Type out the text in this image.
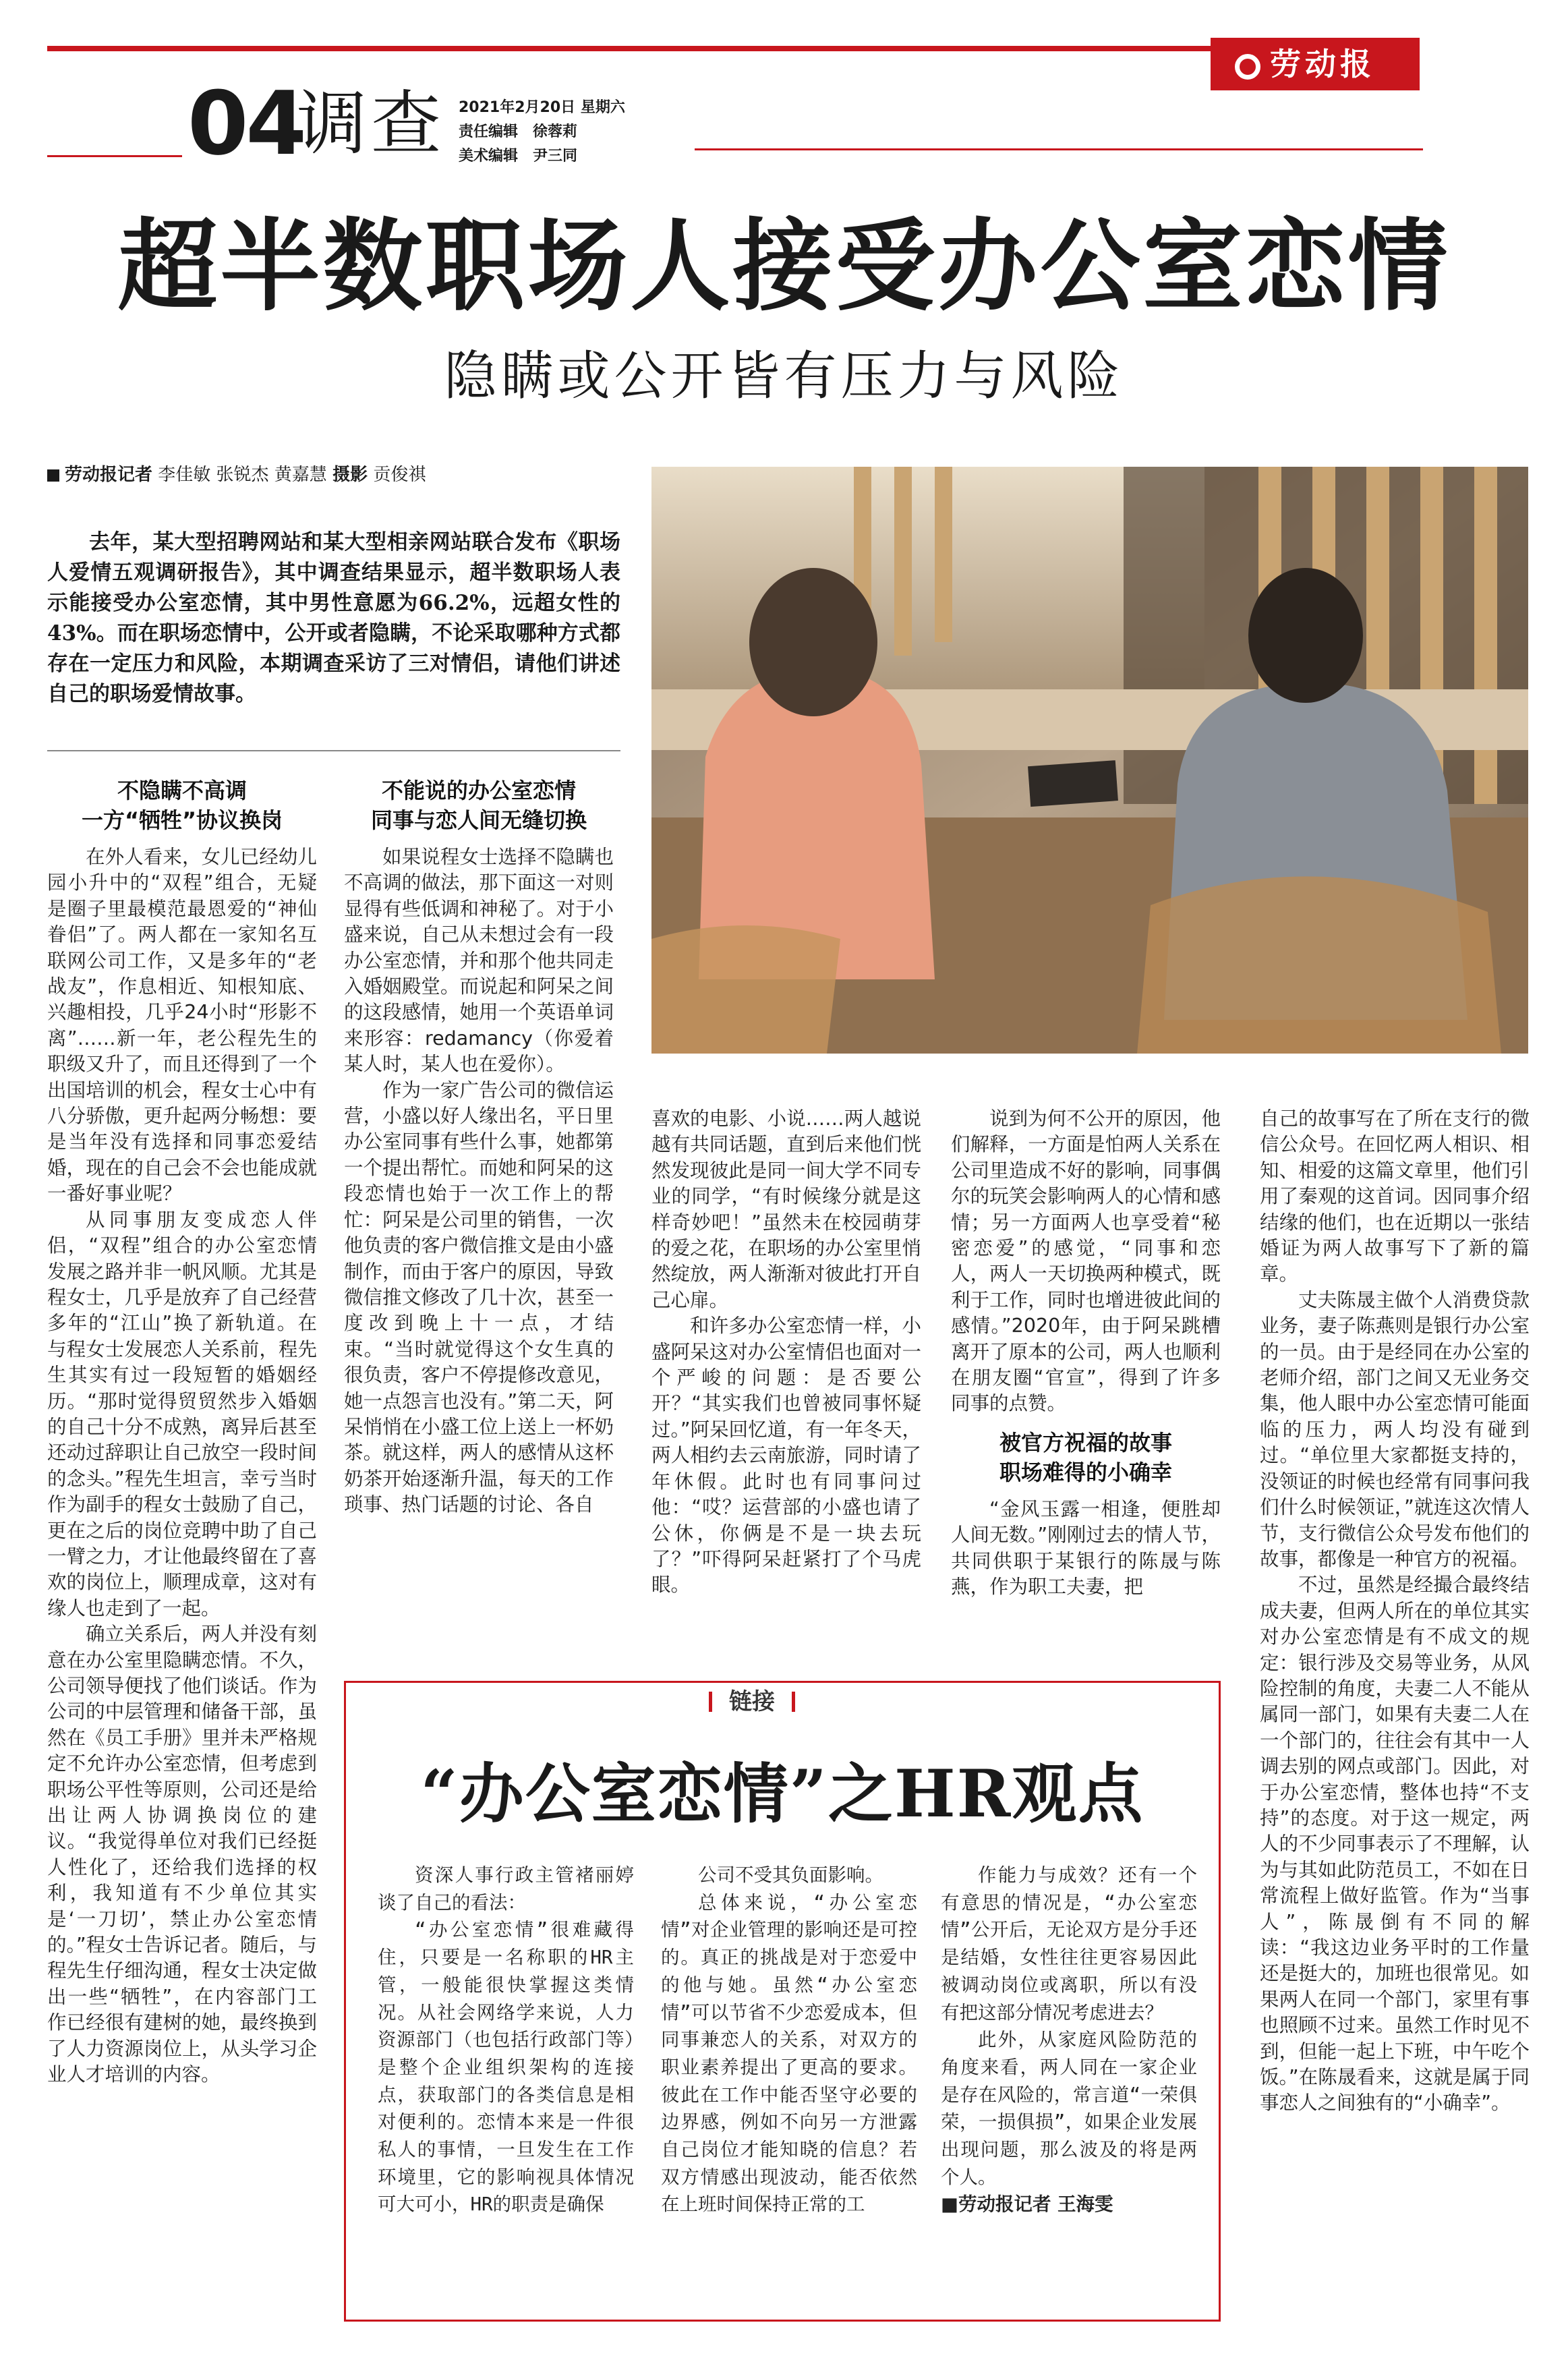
劳动报
04
调查 2021年2月20日 星期六
责任编辑　徐蓉莉
美术编辑　尹三同
超半数职场人接受办公室恋情
隐瞒或公开皆有压力与风险
劳动报记者 李佳敏 张锐杰 黄嘉慧 摄影 贡俊祺
去年，某大型招聘网站和某大型相亲网站联合发布《职场人爱情五观调研报告》，其中调查结果显示，超半数职场人表示能接受办公室恋情，其中男性意愿为66.2%，远超女性的43%。而在职场恋情中，公开或者隐瞒，不论采取哪种方式都存在一定压力和风险，本期调查采访了三对情侣，请他们讲述自己的职场爱情故事。
不隐瞒不高调
一方“牺牲”协议换岗

在外人看来，女儿已经幼儿园小升中的“双程”组合，无疑是圈子里最模范最恩爱的“神仙眷侣”了。两人都在一家知名互联网公司工作，又是多年的“老战友”，作息相近、知根知底、兴趣相投，几乎24小时“形影不离”……新一年，老公程先生的职级又升了，而且还得到了一个出国培训的机会，程女士心中有八分骄傲，更升起两分畅想：要是当年没有选择和同事恋爱结婚，现在的自己会不会也能成就一番好事业呢？

从同事朋友变成恋人伴侣，“双程”组合的办公室恋情发展之路并非一帆风顺。尤其是程女士，几乎是放弃了自己经营多年的“江山”换了新轨道。在与程女士发展恋人关系前，程先生其实有过一段短暂的婚姻经历。“那时觉得贸贸然步入婚姻的自己十分不成熟，离异后甚至还动过辞职让自己放空一段时间的念头。”程先生坦言，幸亏当时作为副手的程女士鼓励了自己，更在之后的岗位竞聘中助了自己一臂之力，才让他最终留在了喜欢的岗位上，顺理成章，这对有缘人也走到了一起。

确立关系后，两人并没有刻意在办公室里隐瞒恋情。不久，公司领导便找了他们谈话。作为公司的中层管理和储备干部，虽然在《员工手册》里并未严格规定不允许办公室恋情，但考虑到职场公平性等原则，公司还是给出让两人协调换岗位的建议。“我觉得单位对我们已经挺人性化了，还给我们选择的权利，我知道有不少单位其实是‘一刀切’，禁止办公室恋情的。”程女士告诉记者。随后，与程先生仔细沟通，程女士决定做出一些“牺牲”，在内容部门工作已经很有建树的她，最终换到了人力资源岗位上，从头学习企业人才培训的内容。

不能说的办公室恋情
同事与恋人间无缝切换

如果说程女士选择不隐瞒也不高调的做法，那下面这一对则显得有些低调和神秘了。对于小盛来说，自己从未想过会有一段办公室恋情，并和那个他共同走入婚姻殿堂。而说起和阿呆之间的这段感情，她用一个英语单词来形容：redamancy（你爱着某人时，某人也在爱你）。

作为一家广告公司的微信运营，小盛以好人缘出名，平日里办公室同事有些什么事，她都第一个提出帮忙。而她和阿呆的这段恋情也始于一次工作上的帮忙：阿呆是公司里的销售，一次他负责的客户微信推文是由小盛制作，而由于客户的原因，导致微信推文修改了几十次，甚至一度改到晚上十一点，才结束。“当时就觉得这个女生真的很负责，客户不停提修改意见，她一点怨言也没有。”第二天，阿呆悄悄在小盛工位上送上一杯奶茶。就这样，两人的感情从这杯奶茶开始逐渐升温，每天的工作琐事、热门话题的讨论、各自

喜欢的电影、小说……两人越说越有共同话题，直到后来他们恍然发现彼此是同一间大学不同专业的同学，“有时候缘分就是这样奇妙吧！”虽然未在校园萌芽的爱之花，在职场的办公室里悄然绽放，两人渐渐对彼此打开自己心扉。

和许多办公室恋情一样，小盛阿呆这对办公室情侣也面对一个严峻的问题：是否要公开？“其实我们也曾被同事怀疑过。”阿呆回忆道，有一年冬天，两人相约去云南旅游，同时请了年休假。此时也有同事问过他：“哎？运营部的小盛也请了公休，你俩是不是一块去玩了？”吓得阿呆赶紧打了个马虎眼。

说到为何不公开的原因，他们解释，一方面是怕两人关系在公司里造成不好的影响，同事偶尔的玩笑会影响两人的心情和感情；另一方面两人也享受着“秘密恋爱”的感觉，“同事和恋人，两人一天切换两种模式，既利于工作，同时也增进彼此间的感情。”2020年，由于阿呆跳槽离开了原本的公司，两人也顺利在朋友圈“官宣”，得到了许多同事的点赞。

被官方祝福的故事
职场难得的小确幸

“金风玉露一相逢，便胜却人间无数。”刚刚过去的情人节，共同供职于某银行的陈晟与陈燕，作为职工夫妻，把

自己的故事写在了所在支行的微信公众号。在回忆两人相识、相知、相爱的这篇文章里，他们引用了秦观的这首词。因同事介绍结缘的他们，也在近期以一张结婚证为两人故事写下了新的篇章。

丈夫陈晟主做个人消费贷款业务，妻子陈燕则是银行办公室的一员。由于是经同在办公室的老师介绍，部门之间又无业务交集，他人眼中办公室恋情可能面临的压力，两人均没有碰到过。“单位里大家都挺支持的，没领证的时候也经常有同事问我们什么时候领证，”就连这次情人节，支行微信公众号发布他们的故事，都像是一种官方的祝福。

不过，虽然是经撮合最终结成夫妻，但两人所在的单位其实对办公室恋情是有不成文的规定：银行涉及交易等业务，从风险控制的角度，夫妻二人不能从属同一部门，如果有夫妻二人在一个部门的，往往会有其中一人调去别的网点或部门。因此，对于办公室恋情，整体也持“不支持”的态度。对于这一规定，两人的不少同事表示了不理解，认为与其如此防范员工，不如在日常流程上做好监管。作为“当事人”，陈晟倒有不同的解读：“我这边业务平时的工作量还是挺大的，加班也很常见。如果两人在同一个部门，家里有事也照顾不过来。虽然工作时见不到，但能一起上下班，中午吃个饭。”在陈晟看来，这就是属于同事恋人之间独有的“小确幸”。

链接
“办公室恋情”之HR观点

资深人事行政主管褚丽婷谈了自己的看法：

“办公室恋情”很难藏得住，只要是一名称职的HR主管，一般能很快掌握这类情况。从社会网络学来说，人力资源部门（也包括行政部门等）是整个企业组织架构的连接点，获取部门的各类信息是相对便利的。恋情本来是一件很私人的事情，一旦发生在工作环境里，它的影响视具体情况可大可小，HR的职责是确保

公司不受其负面影响。

总体来说，“办公室恋情”对企业管理的影响还是可控的。真正的挑战是对于恋爱中的他与她。虽然“办公室恋情”可以节省不少恋爱成本，但同事兼恋人的关系，对双方的职业素养提出了更高的要求。彼此在工作中能否坚守必要的边界感，例如不向另一方泄露自己岗位才能知晓的信息？若双方情感出现波动，能否依然在上班时间保持正常的工

作能力与成效？还有一个有意思的情况是，“办公室恋情”公开后，无论双方是分手还是结婚，女性往往更容易因此被调动岗位或离职，所以有没有把这部分情况考虑进去？

此外，从家庭风险防范的角度来看，两人同在一家企业是存在风险的，常言道“一荣俱荣，一损俱损”，如果企业发展出现问题，那么波及的将是两个人。

■劳动报记者 王海雯
